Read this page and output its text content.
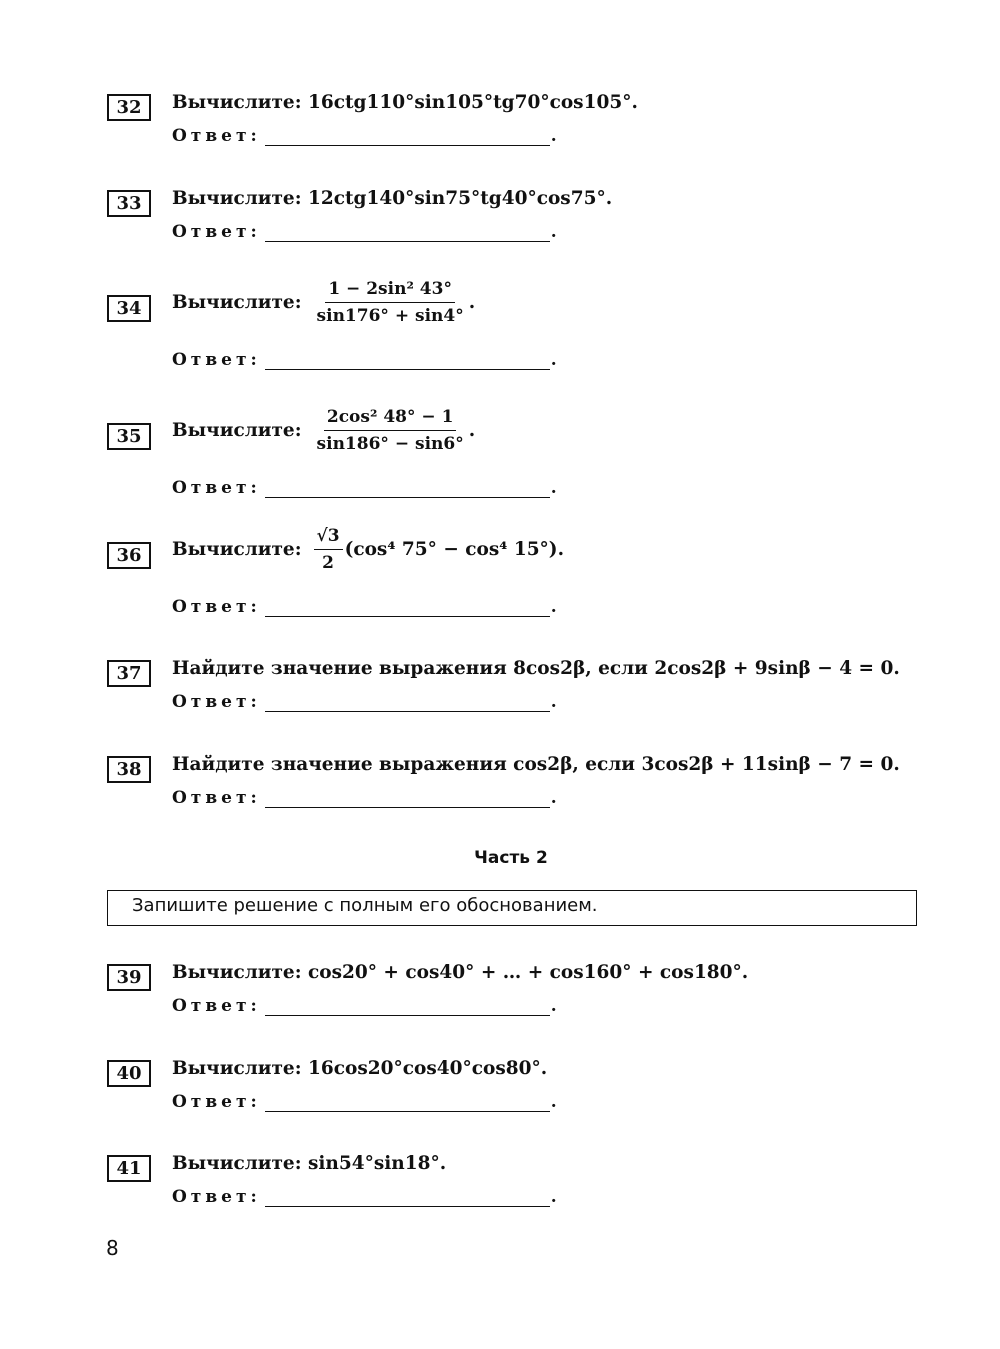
32	Вычислите: 16ctg110°sin105°tg70°cos105°.
Ответ:	.
33	Вычислите: 12ctg140°sin75°tg40°cos75°.
Ответ:	.
34	Вычислите: $\frac{\text{1 − 2sin² 43°}}{\sin 176^\circ + \sin 4^\circ}$ .
Ответ:	.
35	Вычислите: $\frac{\text{2cos² 48° − 1}}{\sin 186^\circ - \sin 6^\circ}$ .
Ответ:	.
36	Вычислите: $\frac{√3}{2} (\cos^4$ 75° − cos⁴ 15°).
Ответ:	.
37	Найдите значение выражения 8cos2β, если 2cos2β + 9sinβ − 4 = 0.
Ответ:	.
38	Найдите значение выражения cos2β, если 3cos2β + 11sinβ − 7 = 0.
Ответ:	.
Часть 2
Запишите решение с полным его обоснованием.
39	Вычислите: cos20° + cos40° + … + cos160° + cos180°.
Ответ:	.
40	Вычислите: 16cos20°cos40°cos80°.
Ответ:	.
41	Вычислите: sin54°sin18°.
Ответ:	.
8
